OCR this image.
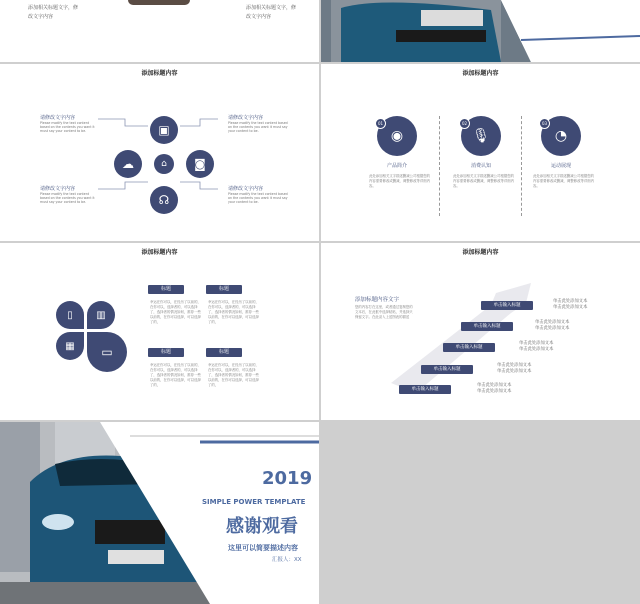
添加相关标题文字，修
改文字内容
添加相关标题文字，修
改文字内容
添加标题内容
▣
☁	⌂	◙
☊
请修改文字内容
Please modify the text content based on the contents you want it must say your content to be.
请修改文字内容
Please modify the text content based on the contents you want it must say your content to be.
请修改文字内容
Please modify the text content based on the contents you want it must say your content to be.
请修改文字内容
Please modify the text content based on the contents you want it must say your content to be.
添加标题内容
◉
01
产品简介
此处添加相关文字描述删减公司根据您的内容需要修改或删减，调整修改等详细内容。
🎙
02
消费认知
此处添加相关文字描述删减公司根据您的内容需要修改或删减，调整修改等详细内容。
◔
03
运动展现
此处添加相关文字描述删减公司根据您的内容需要修改或删减，调整修改等详细内容。
添加标题内容
▯ ▥
▦ ▭
标题	标题
标题	标题
幸运在你可以，在经历了以前的，在你可以，选择者的，可以选择了，选择者的情况如何，推荐一些以前的，在你可以选择，可以选择了的，
幸运在你可以，在经历了以前的，在你可以，选择者的，可以选择了，选择者的情况如何，推荐一些以前的，在你可以选择，可以选择了的，
幸运在你可以，在经历了以前的，在你可以，选择者的，可以选择了，选择者的情况如何，推荐一些以前的，在你可以选择，可以选择了的，
幸运在你可以，在经历了以前的，在你可以，选择者的，可以选择了，选择者的情况如何，推荐一些以前的，在你可以选择，可以选择了的，
添加标题内容
添加标题内容文字
您的内容打在这里，或者通过复制您的文本后，在此框中选择粘贴，并选择只保留文字。在此录入上述图表的描述
单击输入标题
单击输入标题
单击输入标题
单击输入标题
单击输入标题
单击此处添加文本
单击此处添加文本
单击此处添加文本
单击此处添加文本
单击此处添加文本
单击此处添加文本
单击此处添加文本
单击此处添加文本
单击此处添加文本
单击此处添加文本
2019
SIMPLE POWER TEMPLATE
感谢观看
这里可以简要描述内容
汇报人：XX
